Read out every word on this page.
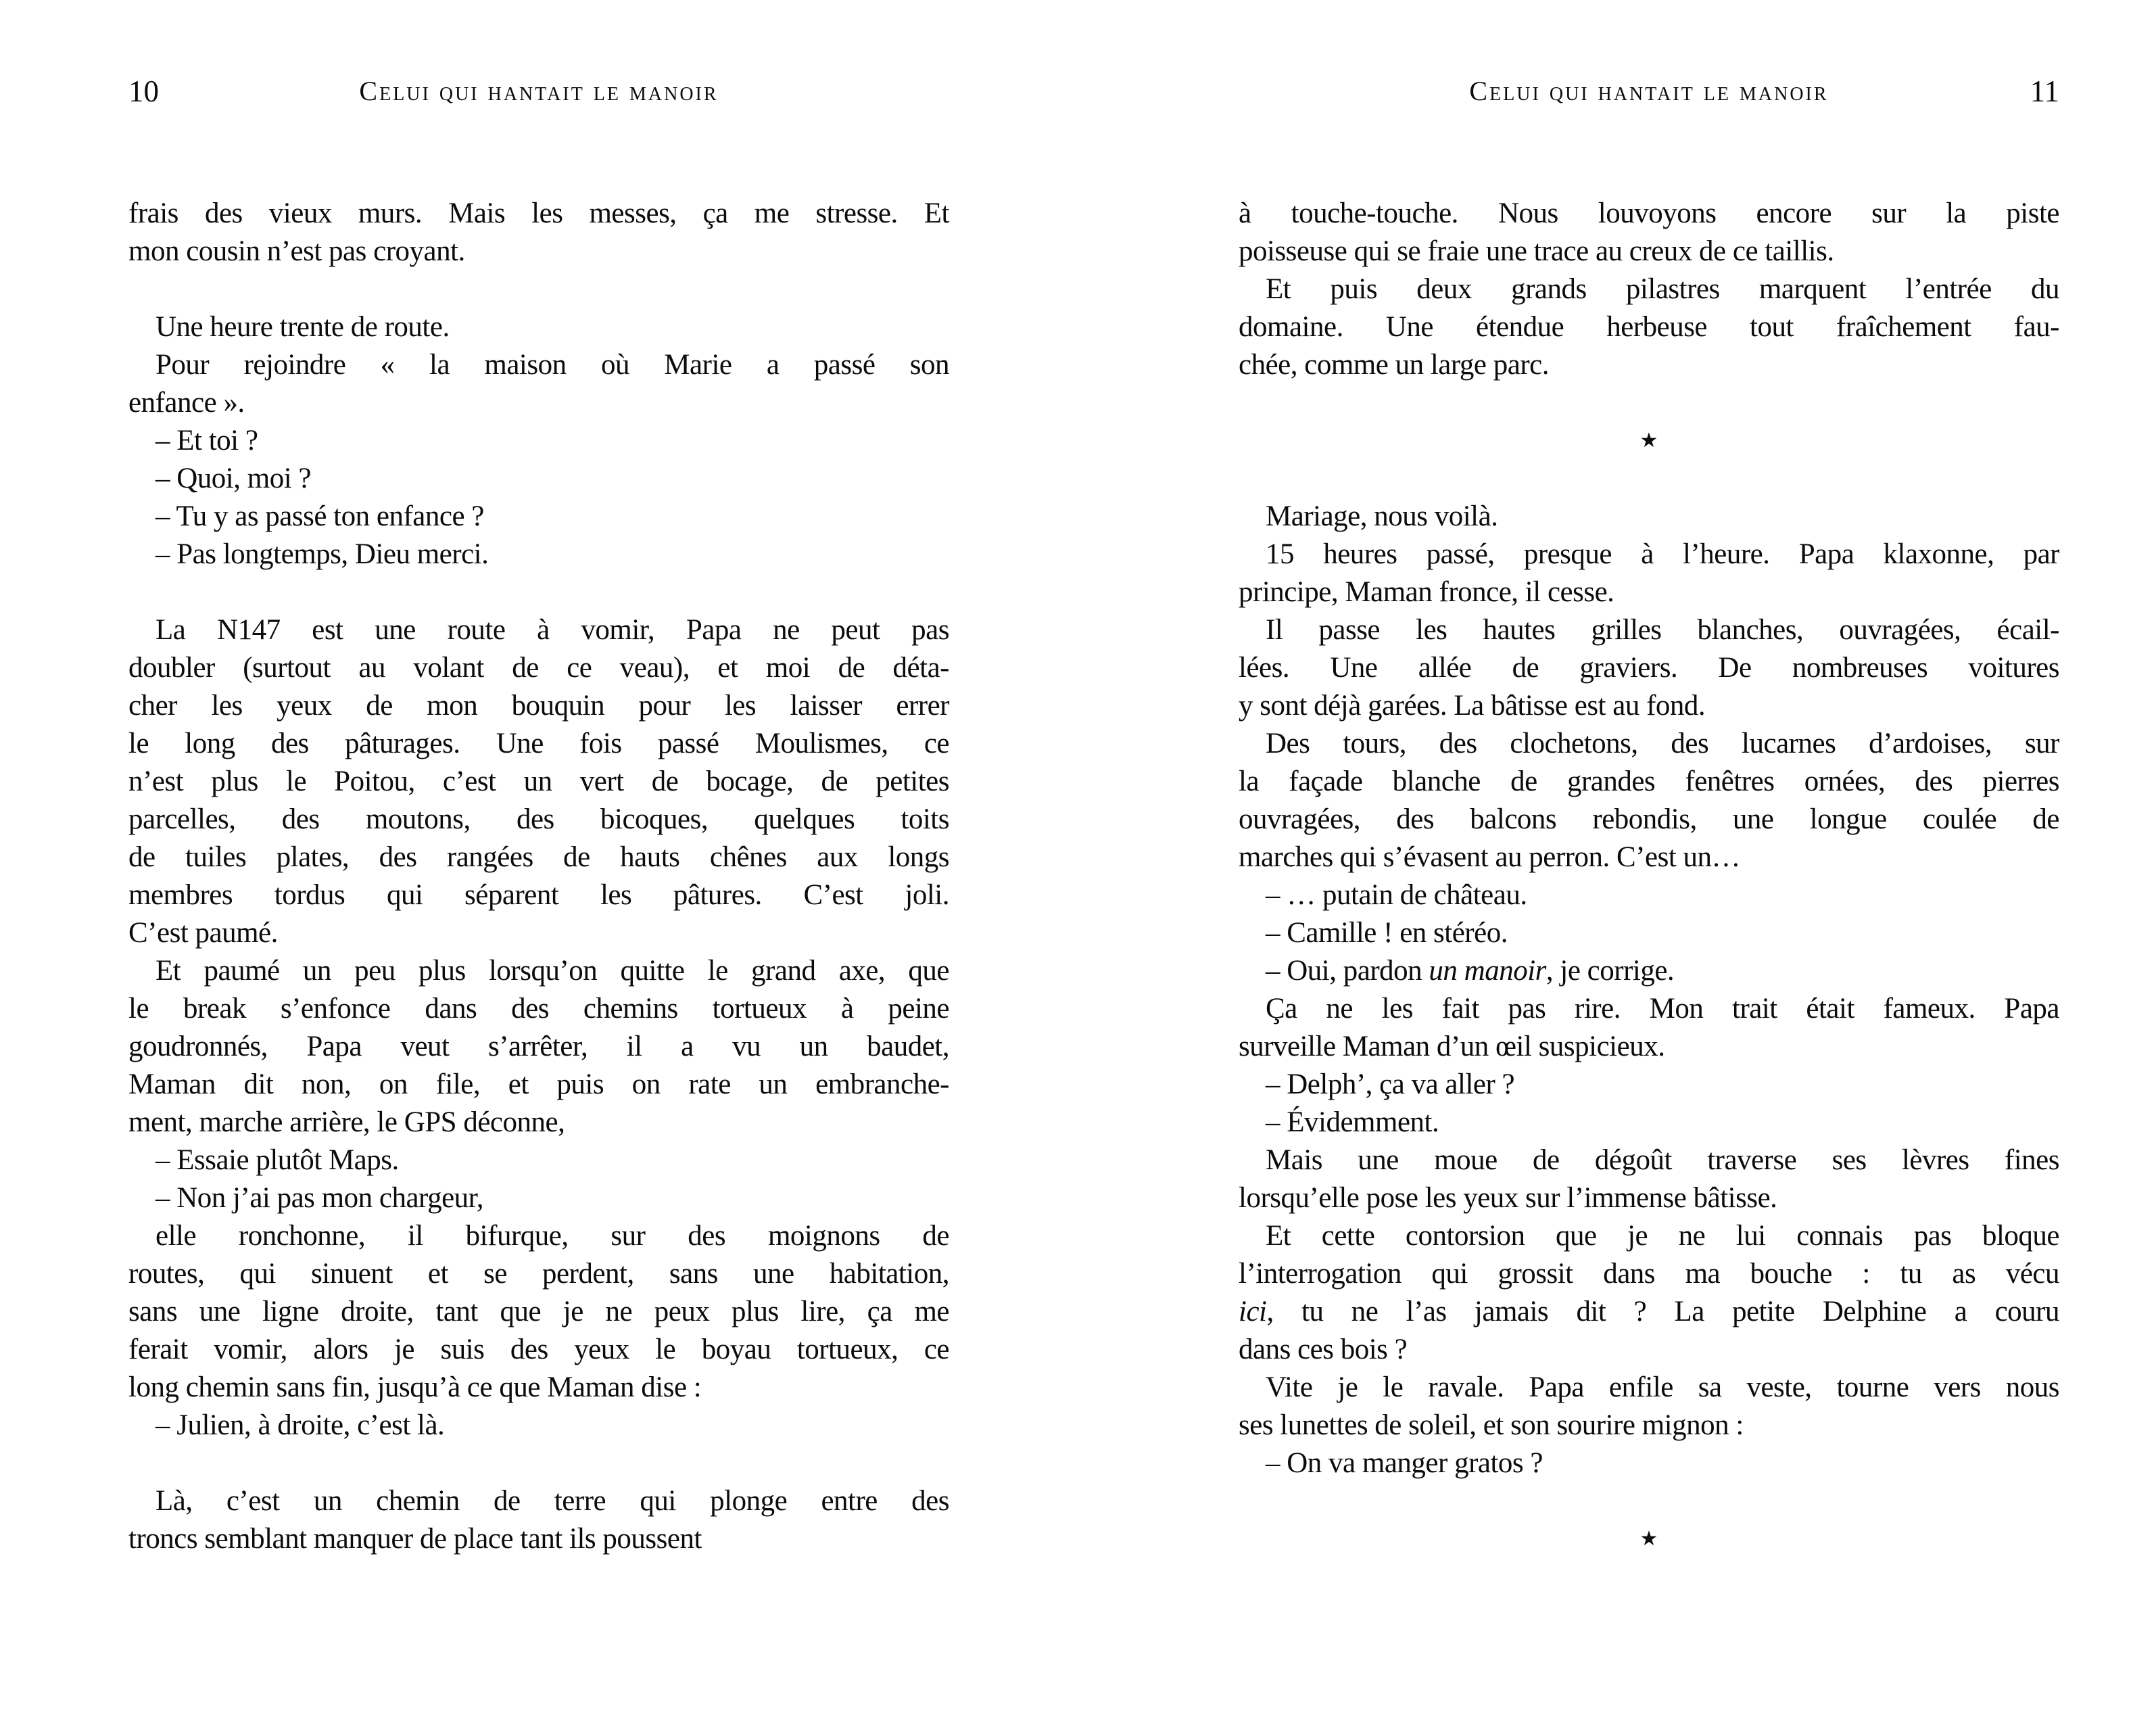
10	Celui qui hantait le manoir
frais des vieux murs. Mais les messes, ça me stresse. Et
mon cousin n’est pas croyant.
Une heure trente de route.
Pour rejoindre « la maison où Marie a passé son
enfance ».
– Et toi ?
– Quoi, moi ?
– Tu y as passé ton enfance ?
– Pas longtemps, Dieu merci.
La N147 est une route à vomir, Papa ne peut pas
doubler (surtout au volant de ce veau), et moi de déta-
cher les yeux de mon bouquin pour les laisser errer
le long des pâturages. Une fois passé Moulismes, ce
n’est plus le Poitou, c’est un vert de bocage, de petites
parcelles, des moutons, des bicoques, quelques toits
de tuiles plates, des rangées de hauts chênes aux longs
membres tordus qui séparent les pâtures. C’est joli.
C’est paumé.
Et paumé un peu plus lorsqu’on quitte le grand axe, que
le break s’enfonce dans des chemins tortueux à peine
goudronnés, Papa veut s’arrêter, il a vu un baudet,
Maman dit non, on file, et puis on rate un embranche-
ment, marche arrière, le GPS déconne,
– Essaie plutôt Maps.
– Non j’ai pas mon chargeur,
elle ronchonne, il bifurque, sur des moignons de
routes, qui sinuent et se perdent, sans une habitation,
sans une ligne droite, tant que je ne peux plus lire, ça me
ferait vomir, alors je suis des yeux le boyau tortueux, ce
long chemin sans fin, jusqu’à ce que Maman dise :
– Julien, à droite, c’est là.
Là, c’est un chemin de terre qui plonge entre des
troncs semblant manquer de place tant ils poussent
11
Celui qui hantait le manoir
à touche-touche. Nous louvoyons encore sur la piste
poisseuse qui se fraie une trace au creux de ce taillis.
Et puis deux grands pilastres marquent l’entrée du
domaine. Une étendue herbeuse tout fraîchement fau-
chée, comme un large parc.
★
Mariage, nous voilà.
15 heures passé, presque à l’heure. Papa klaxonne, par
principe, Maman fronce, il cesse.
Il passe les hautes grilles blanches, ouvragées, écail-
lées. Une allée de graviers. De nombreuses voitures
y sont déjà garées. La bâtisse est au fond.
Des tours, des clochetons, des lucarnes d’ardoises, sur
la façade blanche de grandes fenêtres ornées, des pierres
ouvragées, des balcons rebondis, une longue coulée de
marches qui s’évasent au perron. C’est un…
– … putain de château.
– Camille ! en stéréo.
– Oui, pardon un manoir, je corrige.
Ça ne les fait pas rire. Mon trait était fameux. Papa
surveille Maman d’un œil suspicieux.
– Delph’, ça va aller ?
– Évidemment.
Mais une moue de dégoût traverse ses lèvres fines
lorsqu’elle pose les yeux sur l’immense bâtisse.
Et cette contorsion que je ne lui connais pas bloque
l’interrogation qui grossit dans ma bouche : tu as vécu
ici, tu ne l’as jamais dit ? La petite Delphine a couru
dans ces bois ?
Vite je le ravale. Papa enfile sa veste, tourne vers nous
ses lunettes de soleil, et son sourire mignon :
– On va manger gratos ?
★
